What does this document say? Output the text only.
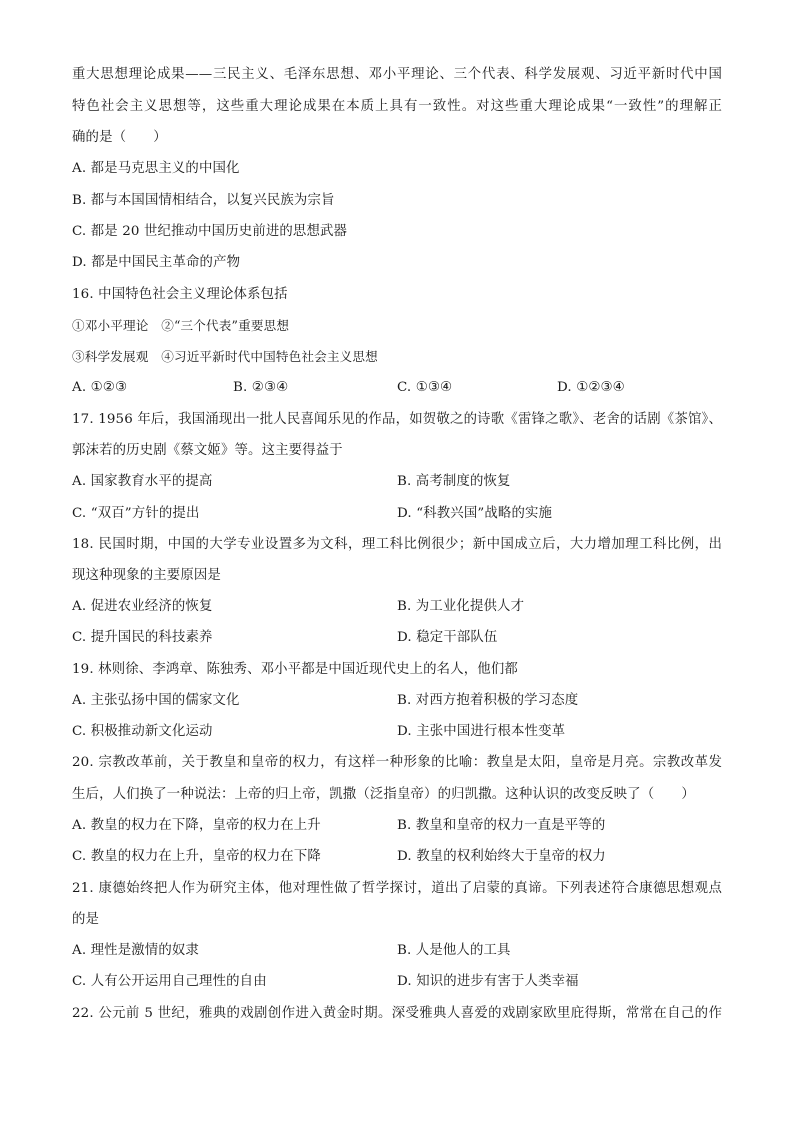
重大思想理论成果——三民主义、毛泽东思想、邓小平理论、三个代表、科学发展观、习近平新时代中国
特色社会主义思想等，这些重大理论成果在本质上具有一致性。对这些重大理论成果“一致性”的理解正
确的是（　　）
A. 都是马克思主义的中国化
B. 都与本国国情相结合，以复兴民族为宗旨
C. 都是 20 世纪推动中国历史前进的思想武器
D. 都是中国民主革命的产物
16. 中国特色社会主义理论体系包括
①邓小平理论　②“三个代表”重要思想
③科学发展观　④习近平新时代中国特色社会主义思想
A. ①②③	B. ②③④	C. ①③④	D. ①②③④
17. 1956 年后，我国涌现出一批人民喜闻乐见的作品，如贺敬之的诗歌《雷锋之歌》、老舍的话剧《茶馆》、
郭沫若的历史剧《蔡文姬》等。这主要得益于
A. 国家教育水平的提高	B. 高考制度的恢复
C. “双百”方针的提出	D. “科教兴国”战略的实施
18. 民国时期，中国的大学专业设置多为文科，理工科比例很少；新中国成立后，大力增加理工科比例，出
现这种现象的主要原因是
A. 促进农业经济的恢复	B. 为工业化提供人才
C. 提升国民的科技素养	D. 稳定干部队伍
19. 林则徐、李鸿章、陈独秀、邓小平都是中国近现代史上的名人，他们都
A. 主张弘扬中国的儒家文化	B. 对西方抱着积极的学习态度
C. 积极推动新文化运动	D. 主张中国进行根本性变革
20. 宗教改革前，关于教皇和皇帝的权力，有这样一种形象的比喻：教皇是太阳，皇帝是月亮。宗教改革发
生后，人们换了一种说法：上帝的归上帝，凯撒（泛指皇帝）的归凯撒。这种认识的改变反映了（　　）
A. 教皇的权力在下降，皇帝的权力在上升	B. 教皇和皇帝的权力一直是平等的
C. 教皇的权力在上升，皇帝的权力在下降	D. 教皇的权利始终大于皇帝的权力
21. 康德始终把人作为研究主体，他对理性做了哲学探讨，道出了启蒙的真谛。下列表述符合康德思想观点
的是
A. 理性是激情的奴隶	B. 人是他人的工具
C. 人有公开运用自己理性的自由	D. 知识的进步有害于人类幸福
22. 公元前 5 世纪，雅典的戏剧创作进入黄金时期。深受雅典人喜爱的戏剧家欧里庇得斯，常常在自己的作
